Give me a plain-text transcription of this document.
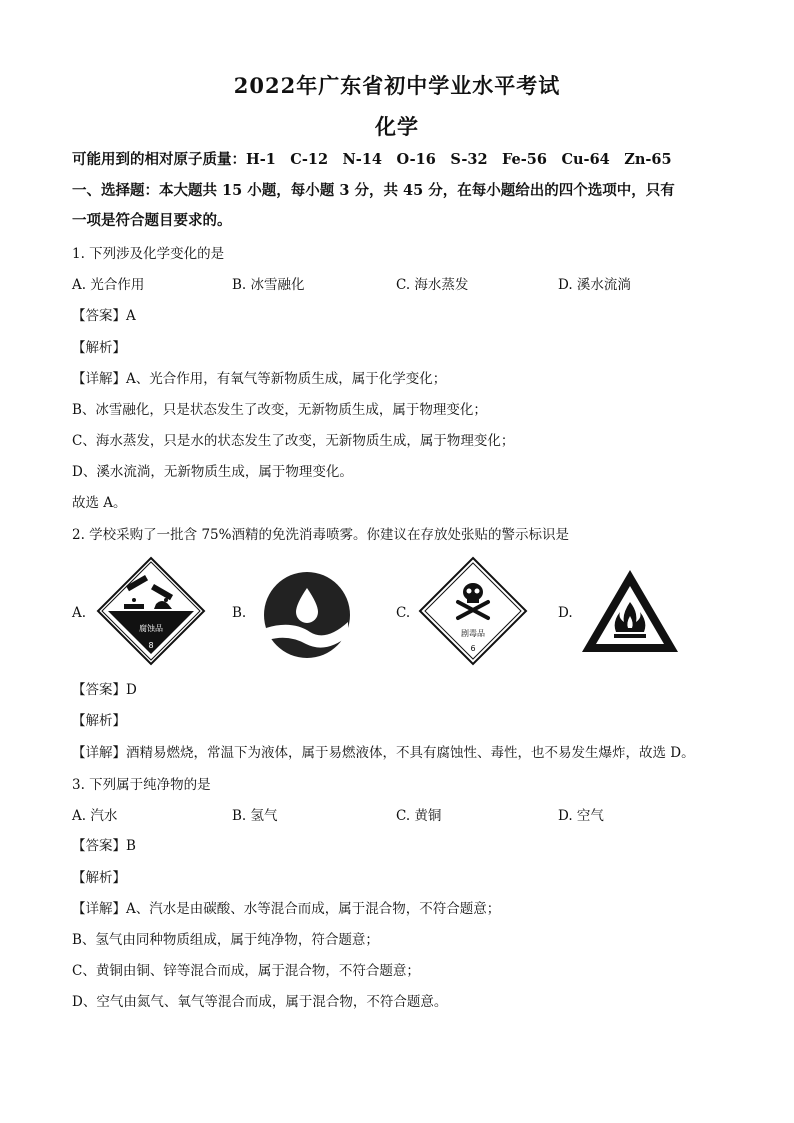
2022年广东省初中学业水平考试
化学
可能用到的相对原子质量：H-1　C-12　N-14　O-16　S-32　Fe-56　Cu-64　Zn-65
一、选择题：本大题共 15 小题，每小题 3 分，共 45 分，在每小题给出的四个选项中，只有
一项是符合题目要求的。
1. 下列涉及化学变化的是
A. 光合作用	B. 冰雪融化	C. 海水蒸发	D. 溪水流淌
【答案】A
【解析】
【详解】A、光合作用，有氧气等新物质生成，属于化学变化；
B、冰雪融化，只是状态发生了改变，无新物质生成，属于物理变化；
C、海水蒸发，只是水的状态发生了改变，无新物质生成，属于物理变化；
D、溪水流淌，无新物质生成，属于物理变化。
故选 A。
2. 学校采购了一批含 75%酒精的免洗消毒喷雾。你建议在存放处张贴的警示标识是
A.	B.	C.	D.
腐蚀品
8
剧毒品
6
【答案】D
【解析】
【详解】酒精易燃烧，常温下为液体，属于易燃液体，不具有腐蚀性、毒性，也不易发生爆炸，故选 D。
3. 下列属于纯净物的是
A. 汽水	B. 氢气	C. 黄铜	D. 空气
【答案】B
【解析】
【详解】A、汽水是由碳酸、水等混合而成，属于混合物，不符合题意；
B、氢气由同种物质组成，属于纯净物，符合题意；
C、黄铜由铜、锌等混合而成，属于混合物，不符合题意；
D、空气由氮气、氧气等混合而成，属于混合物，不符合题意。
